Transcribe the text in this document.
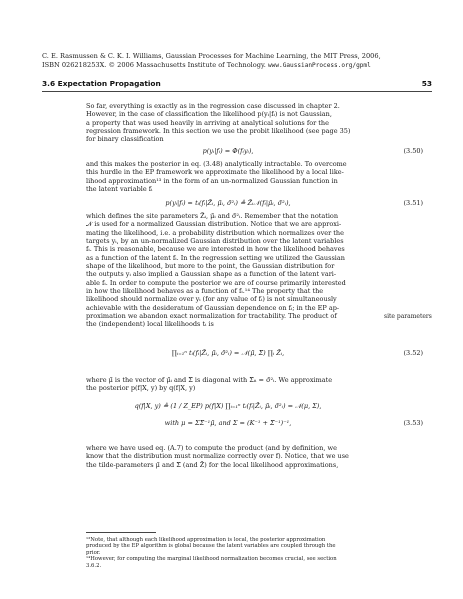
C. E. Rasmussen & C. K. I. Williams, Gaussian Processes for Machine Learning, the MIT Press, 2006,
ISBN 026218253X. © 2006 Massachusetts Institute of Technology. www.GaussianProcess.org/gpml
3.6 Expectation Propagation	53
So far, everything is exactly as in the regression case discussed in chapter 2.
However, in the case of classification the likelihood p(yᵢ|fᵢ) is not Gaussian,
a property that was used heavily in arriving at analytical solutions for the
regression framework. In this section we use the probit likelihood (see page 35)
for binary classification
p(yᵢ|fᵢ) = Φ(fᵢyᵢ),	(3.50)
and this makes the posterior in eq. (3.48) analytically intractable. To overcome
this hurdle in the EP framework we approximate the likelihood by a local like-
lihood approximation¹³ in the form of an un-normalized Gaussian function in
the latent variable fᵢ
p(yᵢ|fᵢ) ≃ tᵢ(fᵢ|Z̃ᵢ, μ̃ᵢ, σ̃²ᵢ) ≜ Z̃ᵢ𝒩(fᵢ|μ̃ᵢ, σ̃²ᵢ),	(3.51)
which defines the site parameters Z̃ᵢ, μ̃ᵢ and σ̃²ᵢ. Remember that the notation
𝒩 is used for a normalized Gaussian distribution. Notice that we are approxi-
mating the likelihood, i.e. a probability distribution which normalizes over the
targets yᵢ, by an un-normalized Gaussian distribution over the latent variables
fᵢ. This is reasonable, because we are interested in how the likelihood behaves
as a function of the latent fᵢ. In the regression setting we utilized the Gaussian
shape of the likelihood, but more to the point, the Gaussian distribution for
the outputs yᵢ also implied a Gaussian shape as a function of the latent vari-
able fᵢ. In order to compute the posterior we are of course primarily interested
in how the likelihood behaves as a function of fᵢ.¹⁴ The property that the
likelihood should normalize over yᵢ (for any value of fᵢ) is not simultaneously
achievable with the desideratum of Gaussian dependence on fᵢ; in the EP ap-
proximation we abandon exact normalization for tractability. The product of
the (independent) local likelihoods tᵢ is
site parameters
∏ᵢ₌₁ⁿ tᵢ(fᵢ|Z̃ᵢ, μ̃ᵢ, σ̃²ᵢ) = 𝒩(μ̃, Σ̃) ∏ᵢ Z̃ᵢ,	(3.52)
where μ̃ is the vector of μ̃ᵢ and Σ̃ is diagonal with Σ̃ᵢᵢ = σ̃²ᵢ. We approximate
the posterior p(f|X, y) by q(f|X, y)
q(f|X, y) ≜ (1 / Z_EP) p(f|X) ∏ᵢ₌₁ⁿ tᵢ(fᵢ|Z̃ᵢ, μ̃ᵢ, σ̃²ᵢ) = 𝒩(μ, Σ),
with μ = ΣΣ̃⁻¹μ̃, and Σ = (K⁻¹ + Σ̃⁻¹)⁻¹,	(3.53)
where we have used eq. (A.7) to compute the product (and by definition, we
know that the distribution must normalize correctly over f). Notice, that we use
the tilde-parameters μ̃ and Σ̃ (and Z̃) for the local likelihood approximations,
¹³Note, that although each likelihood approximation is local, the posterior approximation
produced by the EP algorithm is global because the latent variables are coupled through the
prior.
¹⁴However, for computing the marginal likelihood normalization becomes crucial, see section
3.6.2.
